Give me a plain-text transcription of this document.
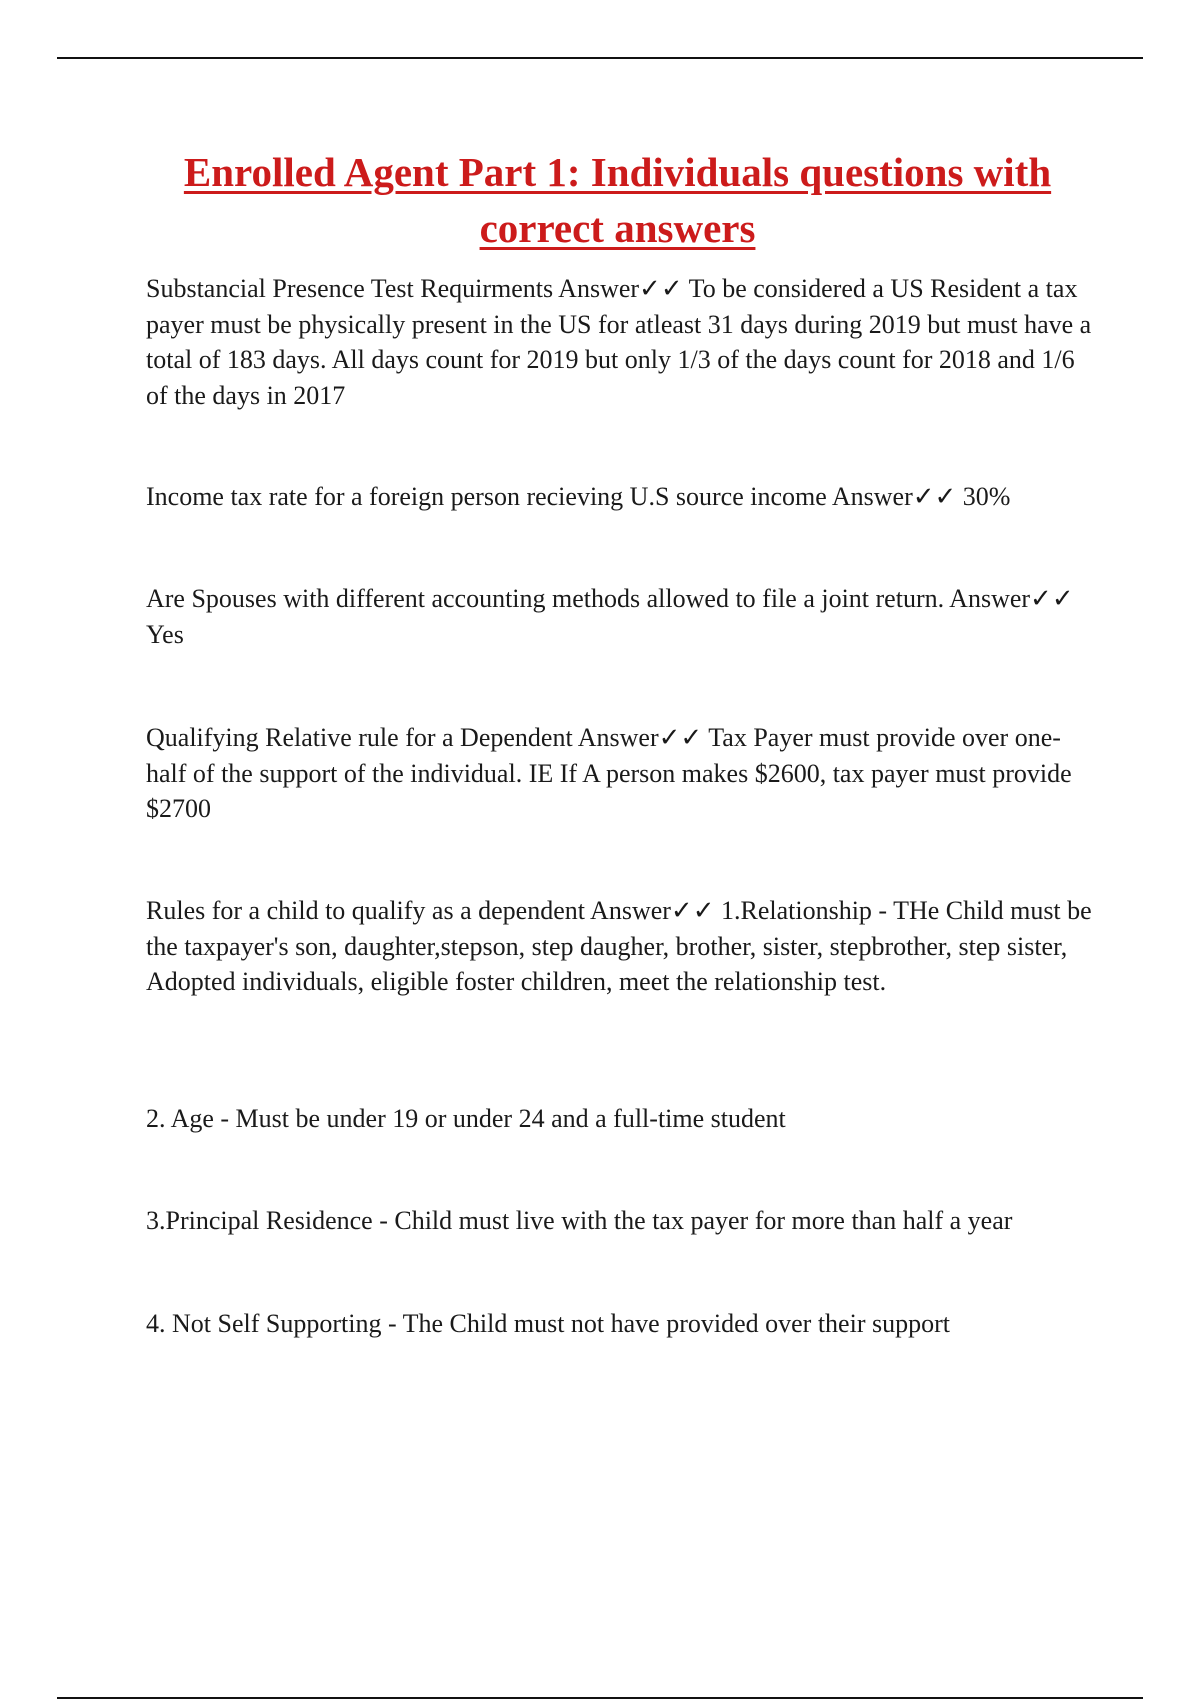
Enrolled Agent Part 1: Individuals questions with correct answers

Substancial Presence Test Requirments Answer✓✓ To be considered a US Resident a tax payer must be physically present in the US for atleast 31 days during 2019 but must have a total of 183 days. All days count for 2019 but only 1/3 of the days count for 2018 and 1/6 of the days in 2017

Income tax rate for a foreign person recieving U.S source income Answer✓✓ 30%

Are Spouses with different accounting methods allowed to file a joint return. Answer✓✓ Yes

Qualifying Relative rule for a Dependent Answer✓✓ Tax Payer must provide over one-half of the support of the individual. IE If A person makes $2600, tax payer must provide $2700

Rules for a child to qualify as a dependent Answer✓✓ 1.Relationship - THe Child must be the taxpayer's son, daughter,stepson, step daugher, brother, sister, stepbrother, step sister, Adopted individuals, eligible foster children, meet the relationship test.

2. Age - Must be under 19 or under 24 and a full-time student

3.Principal Residence - Child must live with the tax payer for more than half a year

4. Not Self Supporting - The Child must not have provided over their support
